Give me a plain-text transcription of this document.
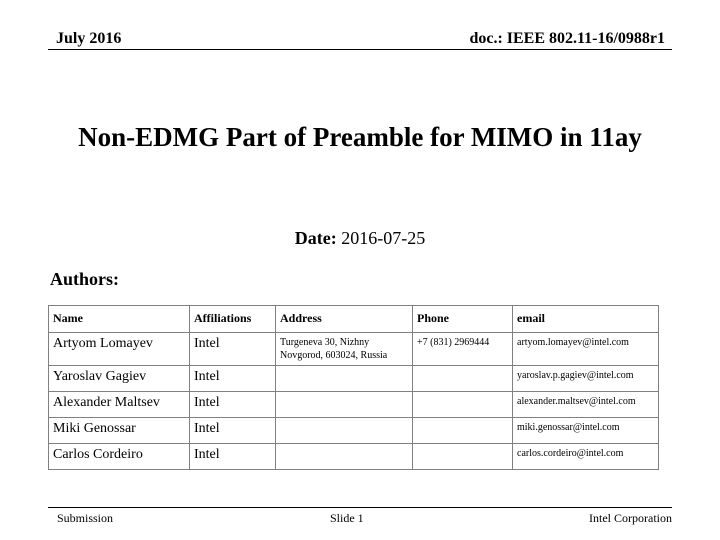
July 2016	doc.: IEEE 802.11-16/0988r1
Non-EDMG Part of Preamble for MIMO in 11ay
Date: 2016-07-25
Authors:
Name	Affiliations	Address	Phone	email
Artyom Lomayev	Intel	Turgeneva 30, Nizhny Novgorod, 603024, Russia	+7 (831) 2969444	artyom.lomayev@intel.com
Yaroslav Gagiev	Intel			yaroslav.p.gagiev@intel.com
Alexander Maltsev	Intel			alexander.maltsev@intel.com
Miki Genossar	Intel			miki.genossar@intel.com
Carlos Cordeiro	Intel			carlos.cordeiro@intel.com
Submission	Slide 1	Intel Corporation
